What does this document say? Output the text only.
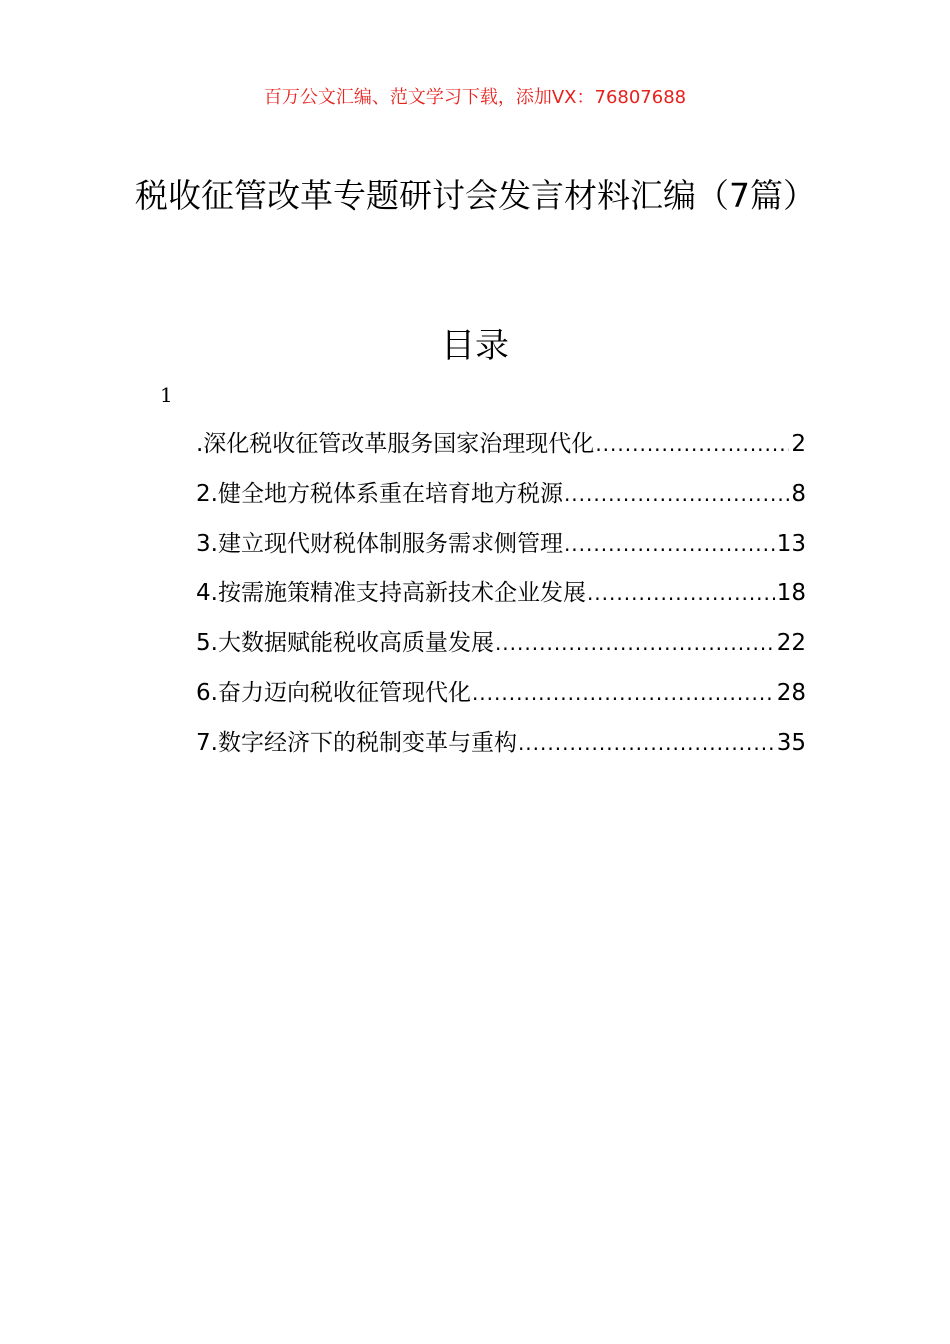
百万公文汇编、范文学习下载，添加VX：76807688
税收征管改革专题研讨会发言材料汇编（7篇）
目录
1
.深化税收征管改革服务国家治理现代化 .....	2
2.健全地方税体系重在培育地方税源 .....	8
3.建立现代财税体制服务需求侧管理 .....	13
4.按需施策精准支持高新技术企业发展 .....	18
5.大数据赋能税收高质量发展 .....	22
6.奋力迈向税收征管现代化 .....	28
7.数字经济下的税制变革与重构 .....	35
